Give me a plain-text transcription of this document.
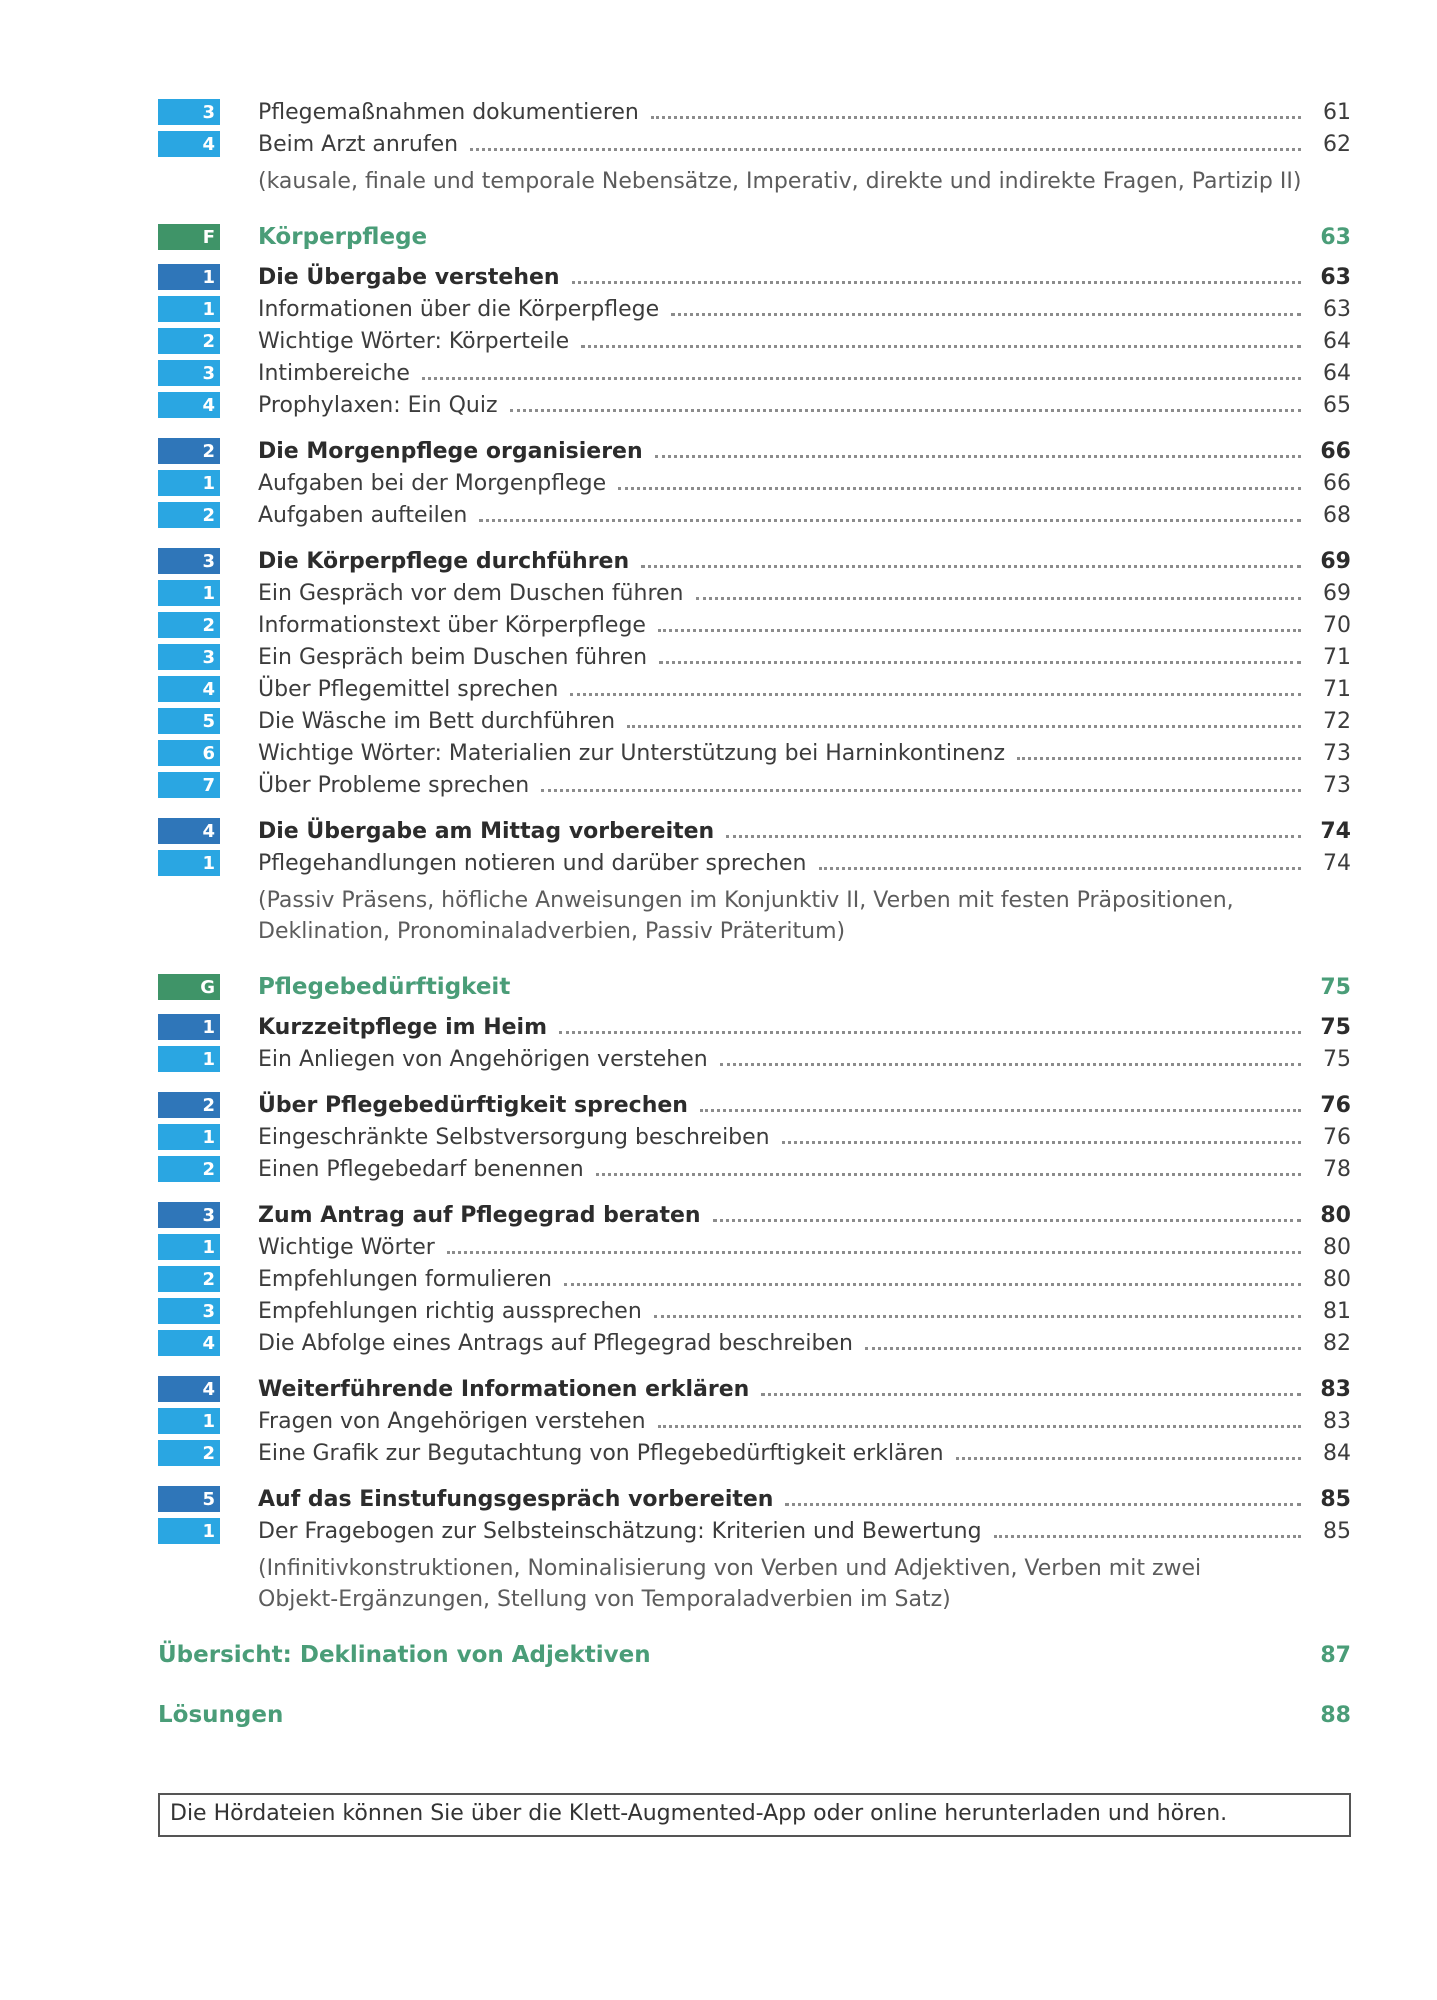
3 Pflegemaßnahmen dokumentieren	61
4 Beim Arzt anrufen	62
(kausale, finale und temporale Nebensätze, Imperativ, direkte und indirekte Fragen, Partizip II)
F Körperpflege	63
1 Die Übergabe verstehen	63
1 Informationen über die Körperpflege	63
2 Wichtige Wörter: Körperteile	64
3 Intimbereiche	64
4 Prophylaxen: Ein Quiz	65
2 Die Morgenpflege organisieren	66
1 Aufgaben bei der Morgenpflege	66
2 Aufgaben aufteilen	68
3 Die Körperpflege durchführen	69
1 Ein Gespräch vor dem Duschen führen	69
2 Informationstext über Körperpflege	70
3 Ein Gespräch beim Duschen führen	71
4 Über Pflegemittel sprechen	71
5 Die Wäsche im Bett durchführen	72
6 Wichtige Wörter: Materialien zur Unterstützung bei Harninkontinenz	73
7 Über Probleme sprechen	73
4 Die Übergabe am Mittag vorbereiten	74
1 Pflegehandlungen notieren und darüber sprechen	74
(Passiv Präsens, höfliche Anweisungen im Konjunktiv II, Verben mit festen Präpositionen,
Deklination, Pronominaladverbien, Passiv Präteritum)
G Pflegebedürftigkeit	75
1 Kurzzeitpflege im Heim	75
1 Ein Anliegen von Angehörigen verstehen	75
2 Über Pflegebedürftigkeit sprechen	76
1 Eingeschränkte Selbstversorgung beschreiben	76
2 Einen Pflegebedarf benennen	78
3 Zum Antrag auf Pflegegrad beraten	80
1 Wichtige Wörter	80
2 Empfehlungen formulieren	80
3 Empfehlungen richtig aussprechen	81
4 Die Abfolge eines Antrags auf Pflegegrad beschreiben	82
4 Weiterführende Informationen erklären	83
1 Fragen von Angehörigen verstehen	83
2 Eine Grafik zur Begutachtung von Pflegebedürftigkeit erklären	84
5 Auf das Einstufungsgespräch vorbereiten	85
1 Der Fragebogen zur Selbsteinschätzung: Kriterien und Bewertung	85
(Infinitivkonstruktionen, Nominalisierung von Verben und Adjektiven, Verben mit zwei
Objekt-Ergänzungen, Stellung von Temporaladverbien im Satz)
Übersicht: Deklination von Adjektiven	87
Lösungen	88
Die Hördateien können Sie über die Klett-Augmented-App oder online herunterladen und hören.
